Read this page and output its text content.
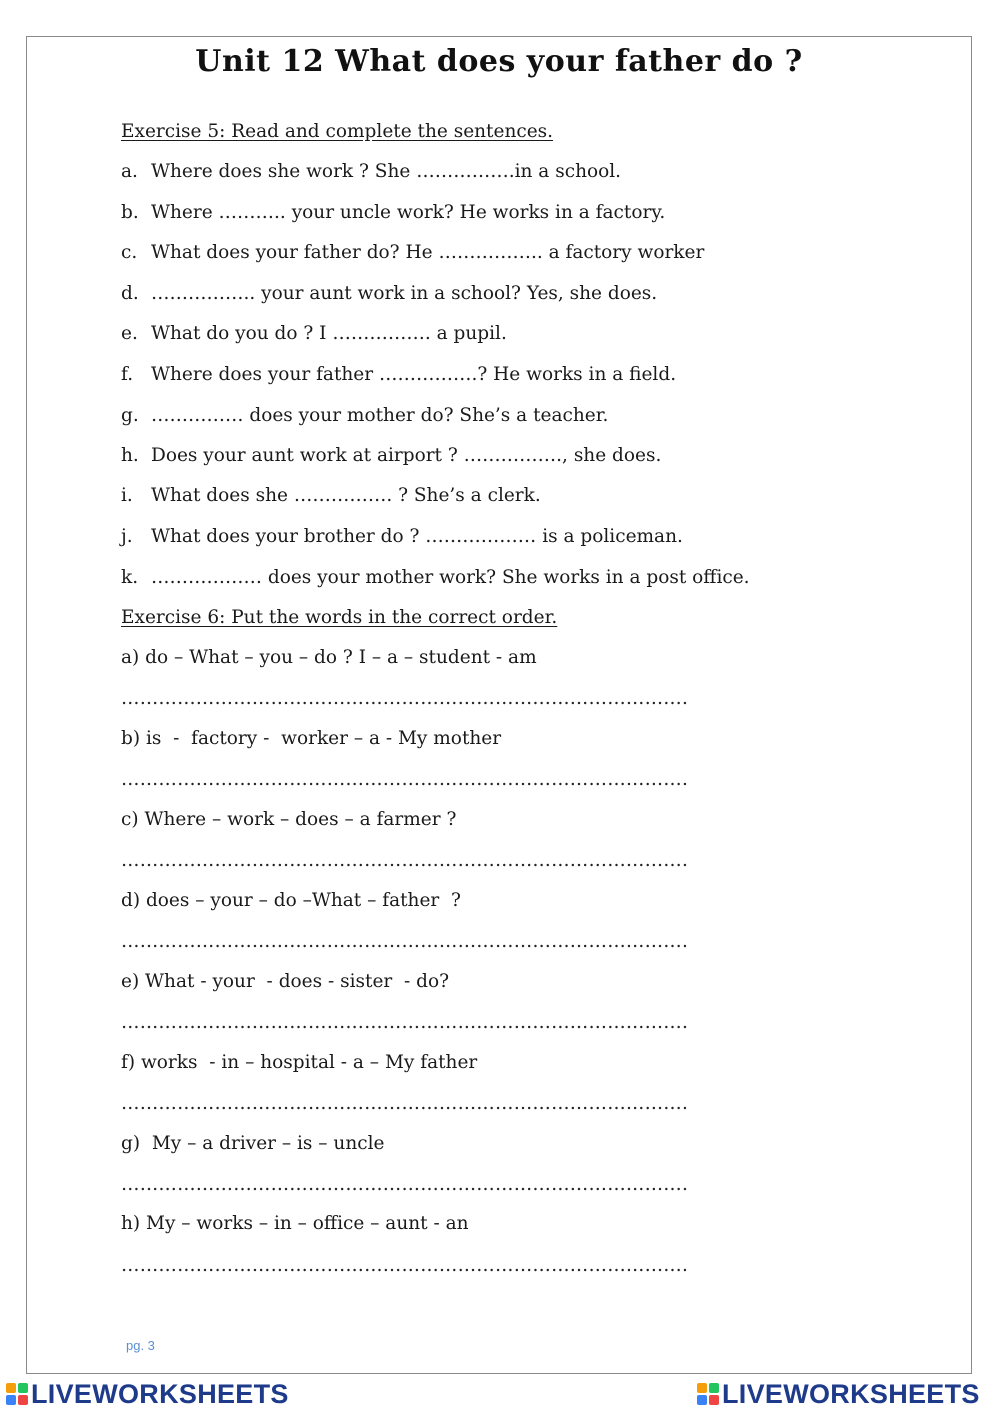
Unit 12 What does your father do ?
Exercise 5: Read and complete the sentences.
a. Where does she work ? She …………….in a school.
b. Where ……….. your uncle work? He works in a factory.
c. What does your father do? He …………….. a factory worker
d. …………….. your aunt work in a school? Yes, she does.
e. What do you do ? I ……………. a pupil.
f. Where does your father …………….? He works in a field.
g. …………… does your mother do? She’s a teacher.
h. Does your aunt work at airport ? ……………., she does.
i. What does she ……………. ? She’s a clerk.
j. What does your brother do ? ……………… is a policeman.
k. ……………… does your mother work? She works in a post office.
Exercise 6: Put the words in the correct order.
a) do – What – you – do ? I – a – student - am
……………………………………………………………………………….
b) is  -  factory -  worker – a - My mother
……………………………………………………………………………….
c) Where – work – does – a farmer ?
……………………………………………………………………………….
d) does – your – do –What – father  ?
……………………………………………………………………………….
e) What - your  - does - sister  - do?
……………………………………………………………………………….
f) works  - in – hospital - a – My father
……………………………………………………………………………….
g)  My – a driver – is – uncle
……………………………………………………………………………….
h) My – works – in – office – aunt - an
……………………………………………………………………………….
pg. 3
LIVEWORKSHEETS	LIVEWORKSHEETS
